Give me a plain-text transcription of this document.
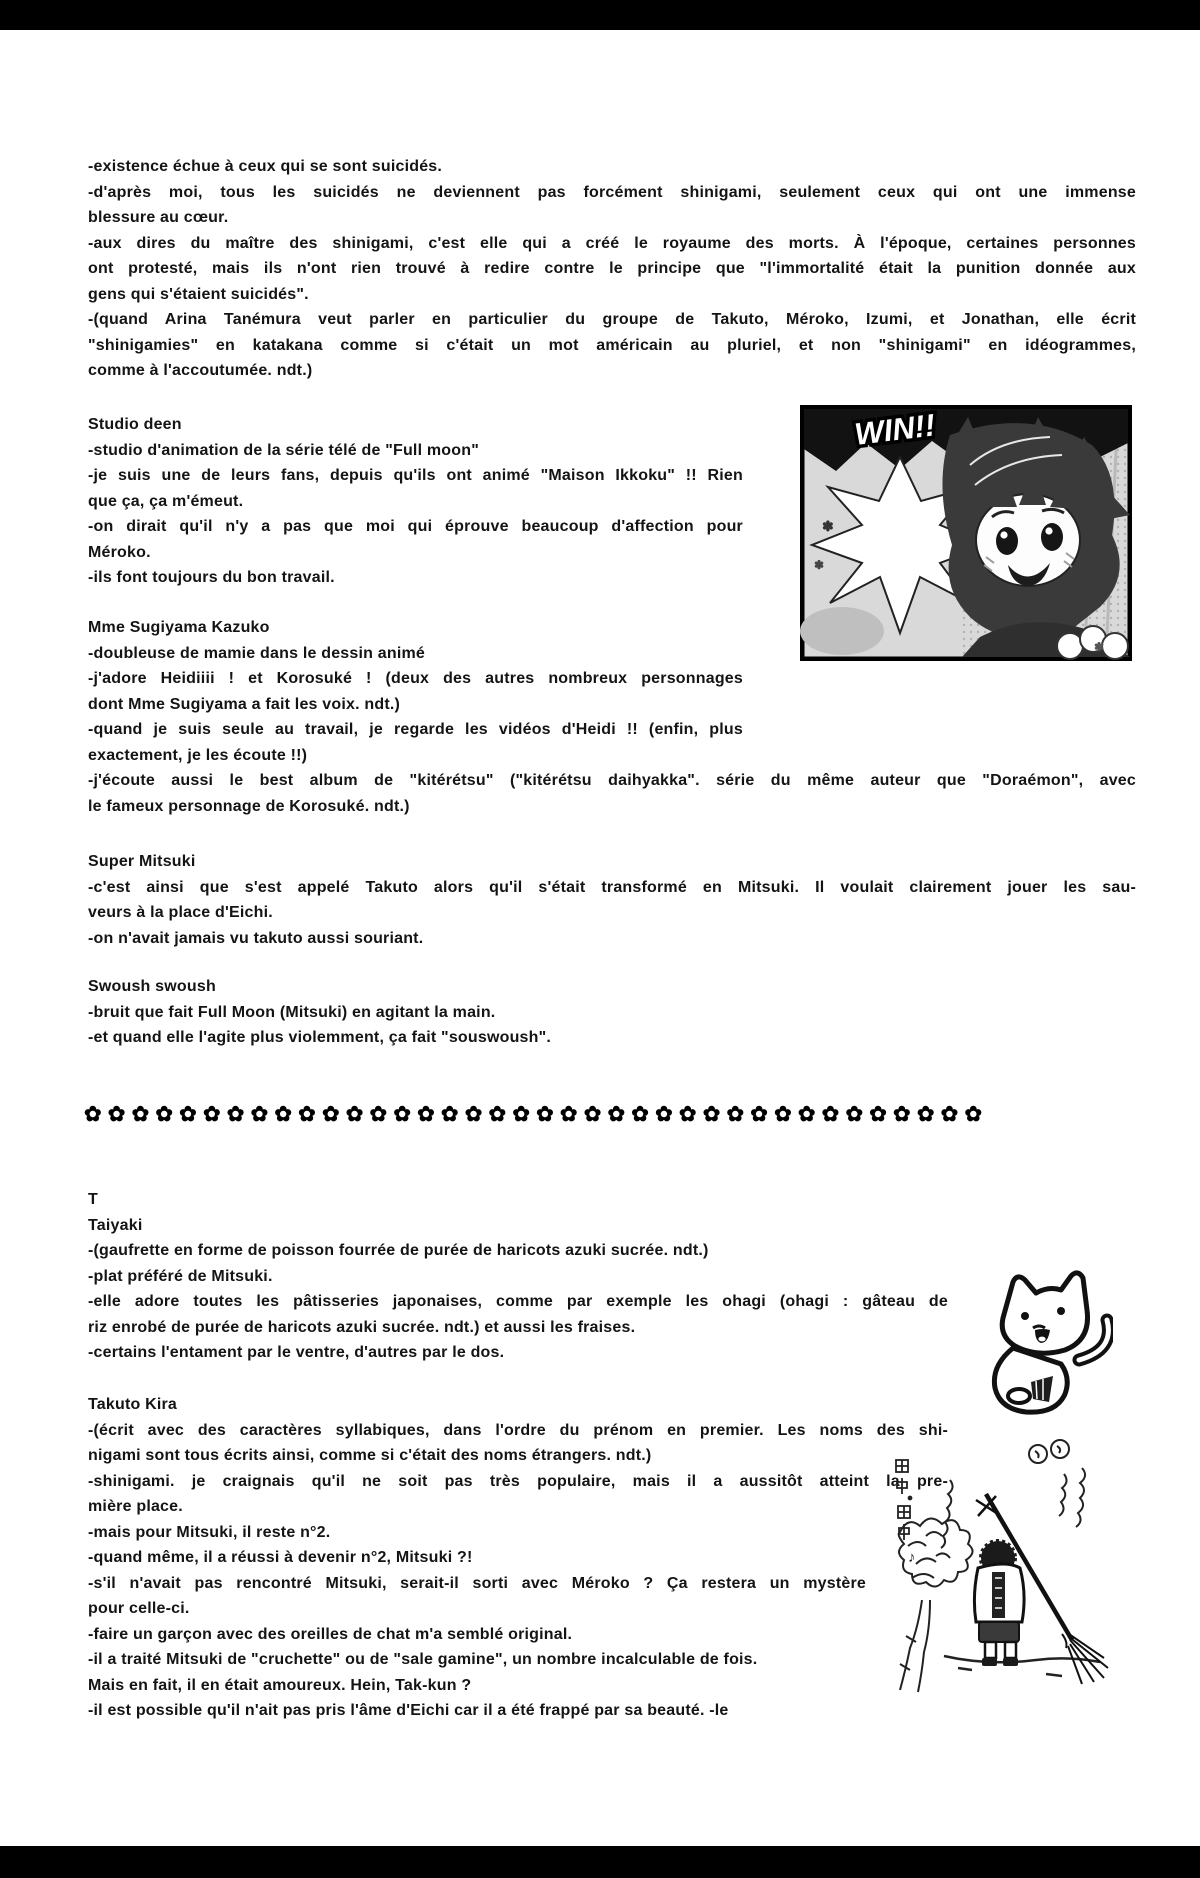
-existence échue à ceux qui se sont suicidés.
-d'après moi, tous les suicidés ne deviennent pas forcément shinigami, seulement ceux qui ont une immense
blessure au cœur.
-aux dires du maître des shinigami, c'est elle qui a créé le royaume des morts. À l'époque, certaines personnes
ont protesté, mais ils n'ont rien trouvé à redire contre le principe que "l'immortalité était la punition donnée aux
gens qui s'étaient suicidés".
-(quand Arina Tanémura veut parler en particulier du groupe de Takuto, Méroko, Izumi, et Jonathan, elle écrit
"shinigamies" en katakana comme si c'était un mot américain au pluriel, et non "shinigami" en idéogrammes,
comme à l'accoutumée. ndt.)
Studio deen
-studio d'animation de la série télé de "Full moon"
-je suis une de leurs fans, depuis qu'ils ont animé "Maison Ikkoku" !! Rien
que ça, ça m'émeut.
-on dirait qu'il n'y a pas que moi qui éprouve beaucoup d'affection pour
Méroko.
-ils font toujours du bon travail.
Mme Sugiyama Kazuko
-doubleuse de mamie dans le dessin animé
-j'adore Heidiiii ! et Korosuké ! (deux des autres nombreux personnages
dont Mme Sugiyama a fait les voix. ndt.)
-quand je suis seule au travail, je regarde les vidéos d'Heidi !! (enfin, plus
exactement, je les écoute !!)
-j'écoute aussi le best album de "kitérétsu" ("kitérétsu daihyakka". série du même auteur que "Doraémon", avec
le fameux personnage de Korosuké. ndt.)
Super Mitsuki
-c'est ainsi que s'est appelé Takuto alors qu'il s'était transformé en Mitsuki. Il voulait clairement jouer les sau-
veurs à la place d'Eichi.
-on n'avait jamais vu takuto aussi souriant.
Swoush swoush
-bruit que fait Full Moon (Mitsuki) en agitant la main.
-et quand elle l'agite plus violemment, ça fait "souswoush".
✿✿✿✿✿✿✿✿✿✿✿✿✿✿✿✿✿✿✿✿✿✿✿✿✿✿✿✿✿✿✿✿✿✿✿✿✿✿
T
Taiyaki
-(gaufrette en forme de poisson fourrée de purée de haricots azuki sucrée. ndt.)
-plat préféré de Mitsuki.
-elle adore toutes les pâtisseries japonaises, comme par exemple les ohagi (ohagi : gâteau de
riz enrobé de purée de haricots azuki sucrée. ndt.) et aussi les fraises.
-certains l'entament par le ventre, d'autres par le dos.
Takuto Kira
-(écrit avec des caractères syllabiques, dans l'ordre du prénom en premier. Les noms des shi-
nigami sont tous écrits ainsi, comme si c'était des noms étrangers. ndt.)
-shinigami. je craignais qu'il ne soit pas très populaire, mais il a aussitôt atteint la pre-
mière place.
-mais pour Mitsuki, il reste n°2.
-quand même, il a réussi à devenir n°2, Mitsuki ?!
-s'il n'avait pas rencontré Mitsuki, serait-il sorti avec Méroko ? Ça restera un mystère
pour celle-ci.
-faire un garçon avec des oreilles de chat m'a semblé original.
-il a traité Mitsuki de "cruchette" ou de "sale gamine", un nombre incalculable de fois.
Mais en fait, il en était amoureux. Hein, Tak-kun ?
-il est possible qu'il n'ait pas pris l'âme d'Eichi car il a été frappé par sa beauté. -le
✽
✽
✽
WIN!!
♪
